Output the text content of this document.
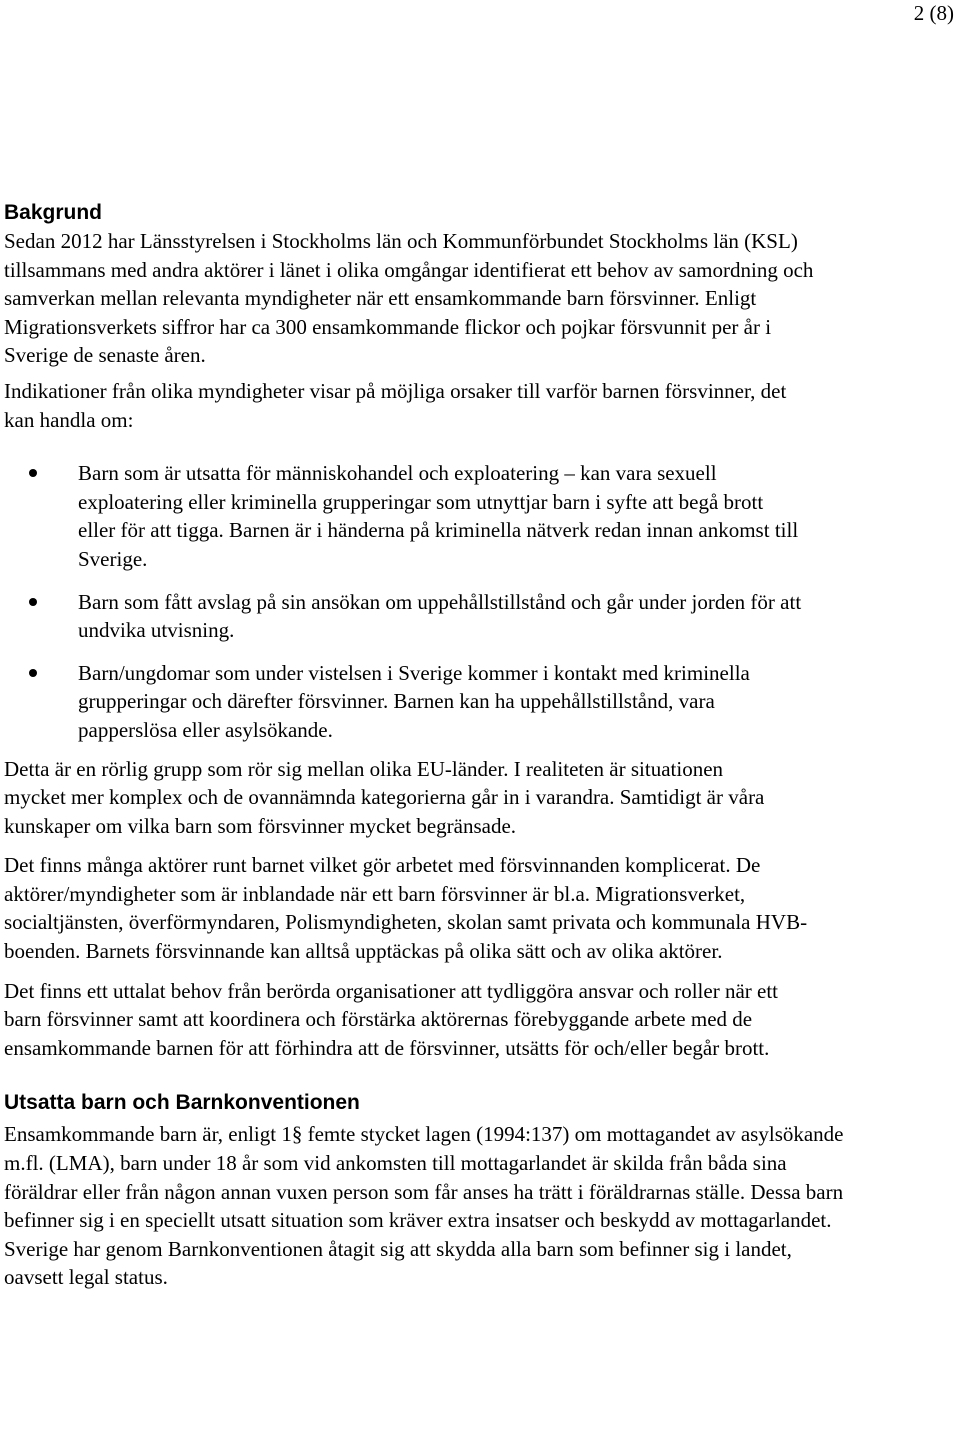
2 (8)
Bakgrund

Sedan 2012 har Länsstyrelsen i Stockholms län och Kommunförbundet Stockholms län (KSL) tillsammans med andra aktörer i länet i olika omgångar identifierat ett behov av samordning och samverkan mellan relevanta myndigheter när ett ensamkommande barn försvinner. Enligt Migrationsverkets siffror har ca 300 ensamkommande flickor och pojkar försvunnit per år i Sverige de senaste åren.

Indikationer från olika myndigheter visar på möjliga orsaker till varför barnen försvinner, det kan handla om:

Barn som är utsatta för människohandel och exploatering – kan vara sexuell exploatering eller kriminella grupperingar som utnyttjar barn i syfte att begå brott eller för att tigga. Barnen är i händerna på kriminella nätverk redan innan ankomst till Sverige.
Barn som fått avslag på sin ansökan om uppehållstillstånd och går under jorden för att undvika utvisning.
Barn/ungdomar som under vistelsen i Sverige kommer i kontakt med kriminella grupperingar och därefter försvinner. Barnen kan ha uppehållstillstånd, vara papperslösa eller asylsökande.

Detta är en rörlig grupp som rör sig mellan olika EU-länder. I realiteten är situationen mycket mer komplex och de ovannämnda kategorierna går in i varandra. Samtidigt är våra kunskaper om vilka barn som försvinner mycket begränsade.

Det finns många aktörer runt barnet vilket gör arbetet med försvinnanden komplicerat. De aktörer/myndigheter som är inblandade när ett barn försvinner är bl.a. Migrationsverket, socialtjänsten, överförmyndaren, Polismyndigheten, skolan samt privata och kommunala HVB-boenden. Barnets försvinnande kan alltså upptäckas på olika sätt och av olika aktörer.

Det finns ett uttalat behov från berörda organisationer att tydliggöra ansvar och roller när ett barn försvinner samt att koordinera och förstärka aktörernas förebyggande arbete med de ensamkommande barnen för att förhindra att de försvinner, utsätts för och/eller begår brott.

Utsatta barn och Barnkonventionen

Ensamkommande barn är, enligt 1§ femte stycket lagen (1994:137) om mottagandet av asylsökande m.fl. (LMA), barn under 18 år som vid ankomsten till mottagarlandet är skilda från båda sina föräldrar eller från någon annan vuxen person som får anses ha trätt i föräldrarnas ställe. Dessa barn befinner sig i en speciellt utsatt situation som kräver extra insatser och beskydd av mottagarlandet. Sverige har genom Barnkonventionen åtagit sig att skydda alla barn som befinner sig i landet, oavsett legal status.
